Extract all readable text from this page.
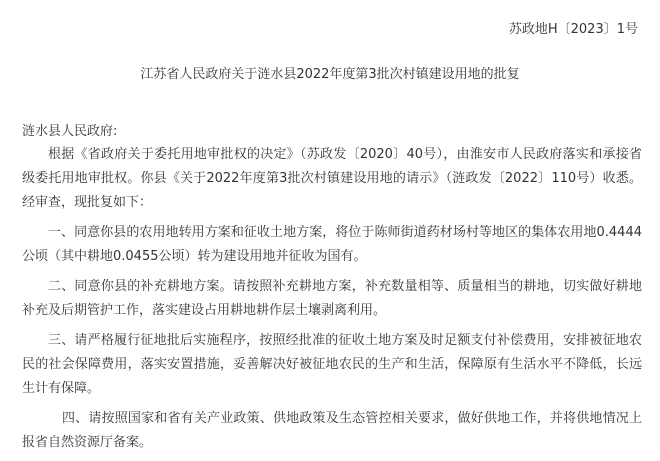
苏政地H〔2023〕1号
江苏省人民政府关于涟水县2022年度第3批次村镇建设用地的批复
涟水县人民政府:

根据《省政府关于委托用地审批权的决定》（苏政发〔2020〕40号），由淮安市人民政府落实和承接省级委托用地审批权。你县《关于2022年度第3批次村镇建设用地的请示》（涟政发〔2022〕110号）收悉。经审查，现批复如下：

一、同意你县的农用地转用方案和征收土地方案，将位于陈师街道药材场村等地区的集体农用地0.4444公顷（其中耕地0.0455公顷）转为建设用地并征收为国有。

二、同意你县的补充耕地方案。请按照补充耕地方案，补充数量相等、质量相当的耕地，切实做好耕地补充及后期管护工作，落实建设占用耕地耕作层土壤剥离利用。

三、请严格履行征地批后实施程序，按照经批准的征收土地方案及时足额支付补偿费用，安排被征地农民的社会保障费用，落实安置措施，妥善解决好被征地农民的生产和生活，保障原有生活水平不降低，长远生计有保障。

四、请按照国家和省有关产业政策、供地政策及生态管控相关要求，做好供地工作，并将供地情况上报省自然资源厅备案。
